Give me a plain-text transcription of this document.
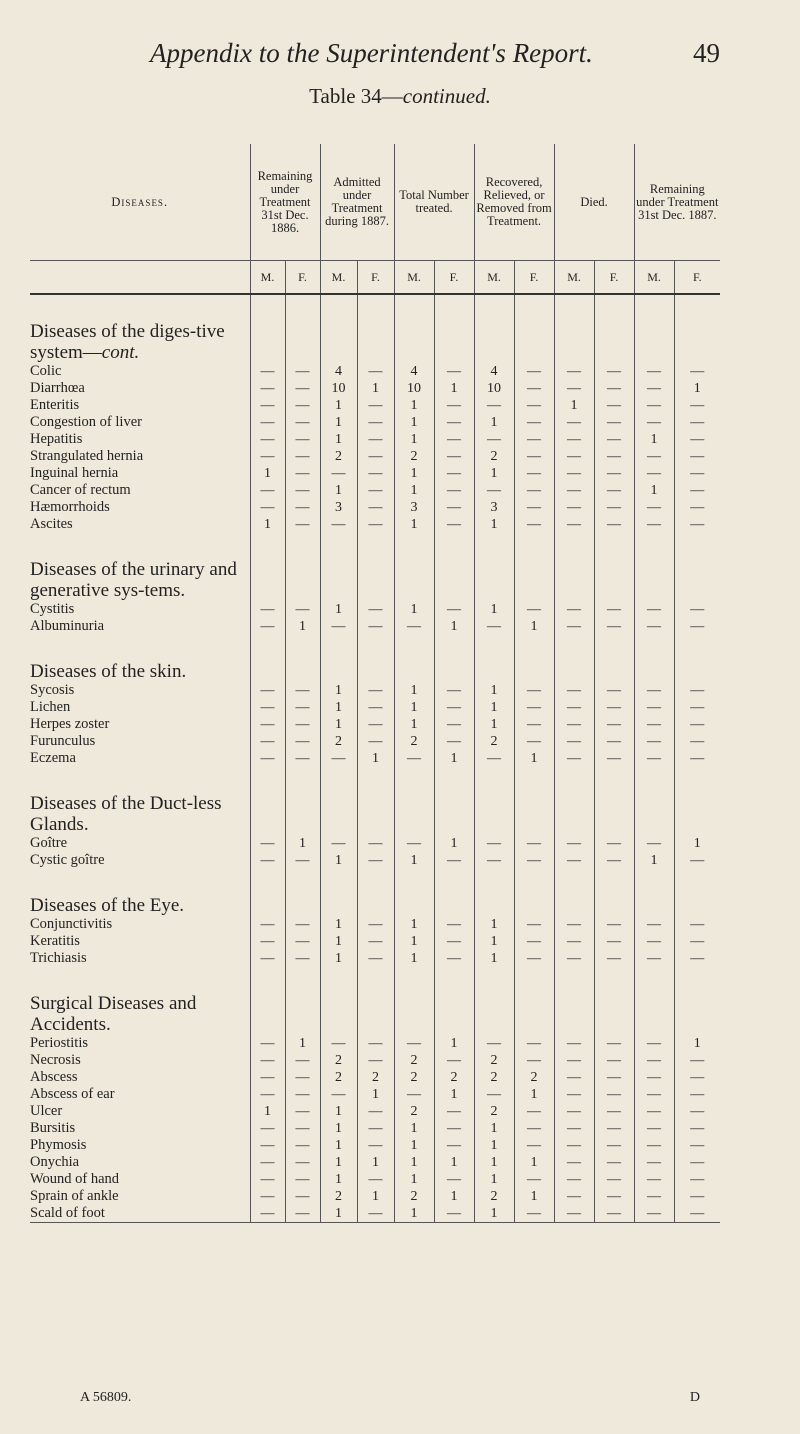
Appendix to the Superintendent's Report.	49
Table 34—continued.
Diseases.	Remaining under Treatment 31st Dec. 1886.		Admitted under Treatment during 1887.		Total Number treated.		Recovered, Relieved, or Removed from Treatment.		Died.		Remaining under Treatment 31st Dec. 1887.	
	M.	F.	M.	F.	M.	F.	M.	F.	M.	F.	M.	F.
Diseases of the diges-tive system—cont.												
Colic	—	—	4	—	4	—	4	—	—	—	—	—
Diarrhœa	—	—	10	1	10	1	10	—	—	—	—	1
Enteritis	—	—	1	—	1	—	—	—	1	—	—	—
Congestion of liver	—	—	1	—	1	—	1	—	—	—	—	—
Hepatitis	—	—	1	—	1	—	—	—	—	—	1	—
Strangulated hernia	—	—	2	—	2	—	2	—	—	—	—	—
Inguinal hernia	1	—	—	—	1	—	1	—	—	—	—	—
Cancer of rectum	—	—	1	—	1	—	—	—	—	—	1	—
Hæmorrhoids	—	—	3	—	3	—	3	—	—	—	—	—
Ascites	1	—	—	—	1	—	1	—	—	—	—	—
Diseases of the urinary and generative sys-tems.												
Cystitis	—	—	1	—	1	—	1	—	—	—	—	—
Albuminuria	—	1	—	—	—	1	—	1	—	—	—	—
Diseases of the skin.												
Sycosis	—	—	1	—	1	—	1	—	—	—	—	—
Lichen	—	—	1	—	1	—	1	—	—	—	—	—
Herpes zoster	—	—	1	—	1	—	1	—	—	—	—	—
Furunculus	—	—	2	—	2	—	2	—	—	—	—	—
Eczema	—	—	—	1	—	1	—	1	—	—	—	—
Diseases of the Duct-less Glands.												
Goître	—	1	—	—	—	1	—	—	—	—	—	1
Cystic goître	—	—	1	—	1	—	—	—	—	—	1	—
Diseases of the Eye.												
Conjunctivitis	—	—	1	—	1	—	1	—	—	—	—	—
Keratitis	—	—	1	—	1	—	1	—	—	—	—	—
Trichiasis	—	—	1	—	1	—	1	—	—	—	—	—
Surgical Diseases and Accidents.												
Periostitis	—	1	—	—	—	1	—	—	—	—	—	1
Necrosis	—	—	2	—	2	—	2	—	—	—	—	—
Abscess	—	—	2	2	2	2	2	2	—	—	—	—
Abscess of ear	—	—	—	1	—	1	—	1	—	—	—	—
Ulcer	1	—	1	—	2	—	2	—	—	—	—	—
Bursitis	—	—	1	—	1	—	1	—	—	—	—	—
Phymosis	—	—	1	—	1	—	1	—	—	—	—	—
Onychia	—	—	1	1	1	1	1	1	—	—	—	—
Wound of hand	—	—	1	—	1	—	1	—	—	—	—	—
Sprain of ankle	—	—	2	1	2	1	2	1	—	—	—	—
Scald of foot	—	—	1	—	1	—	1	—	—	—	—	—
A 56809.	D
